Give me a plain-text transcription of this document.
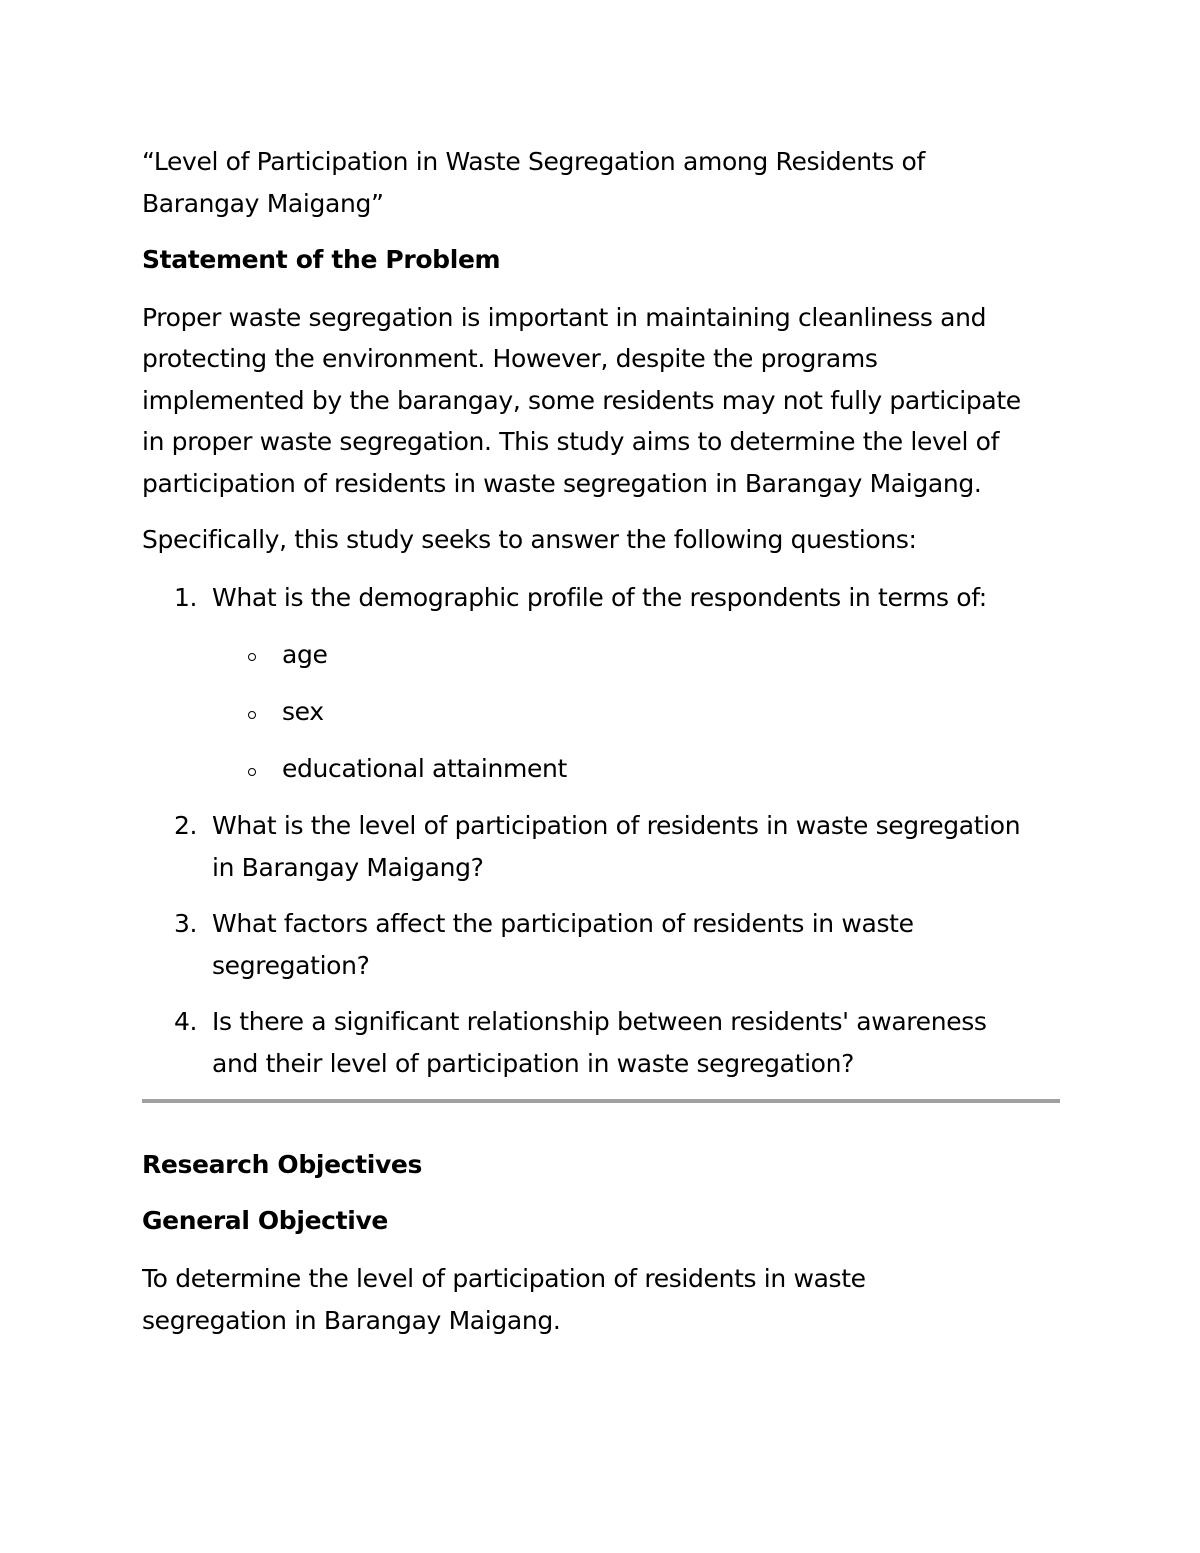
“Level of Participation in Waste Segregation among Residents of
Barangay Maigang”
Statement of the Problem
Proper waste segregation is important in maintaining cleanliness and
protecting the environment. However, despite the programs
implemented by the barangay, some residents may not fully participate
in proper waste segregation. This study aims to determine the level of
participation of residents in waste segregation in Barangay Maigang.
Specifically, this study seeks to answer the following questions:
1. What is the demographic profile of the respondents in terms of:
age
sex
educational attainment
2. What is the level of participation of residents in waste segregation
in Barangay Maigang?
3. What factors affect the participation of residents in waste
segregation?
4. Is there a significant relationship between residents' awareness
and their level of participation in waste segregation?
Research Objectives
General Objective
To determine the level of participation of residents in waste
segregation in Barangay Maigang.
